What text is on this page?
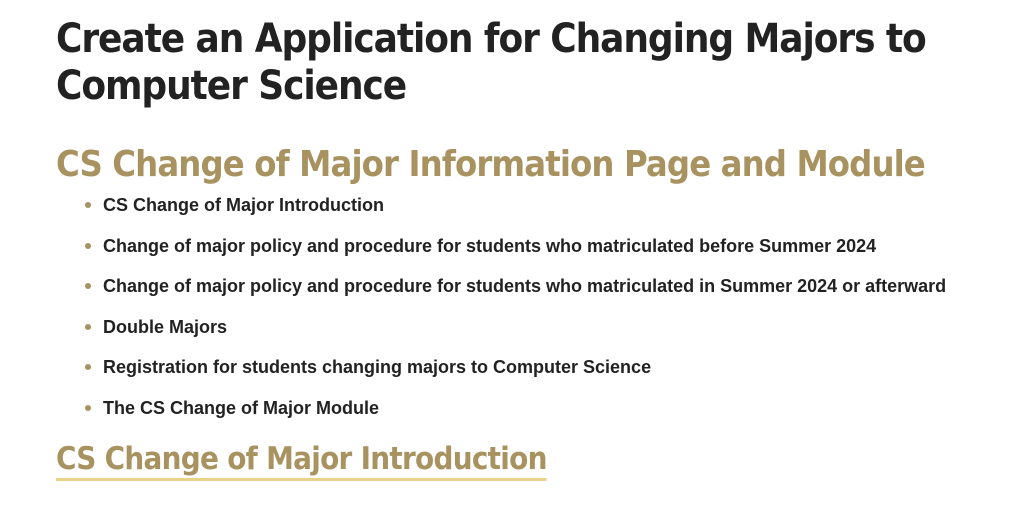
Create an Application for Changing Majors to
Computer Science
CS Change of Major Information Page and Module
CS Change of Major Introduction
Change of major policy and procedure for students who matriculated before Summer 2024
Change of major policy and procedure for students who matriculated in Summer 2024 or afterward
Double Majors
Registration for students changing majors to Computer Science
The CS Change of Major Module
CS Change of Major Introduction
